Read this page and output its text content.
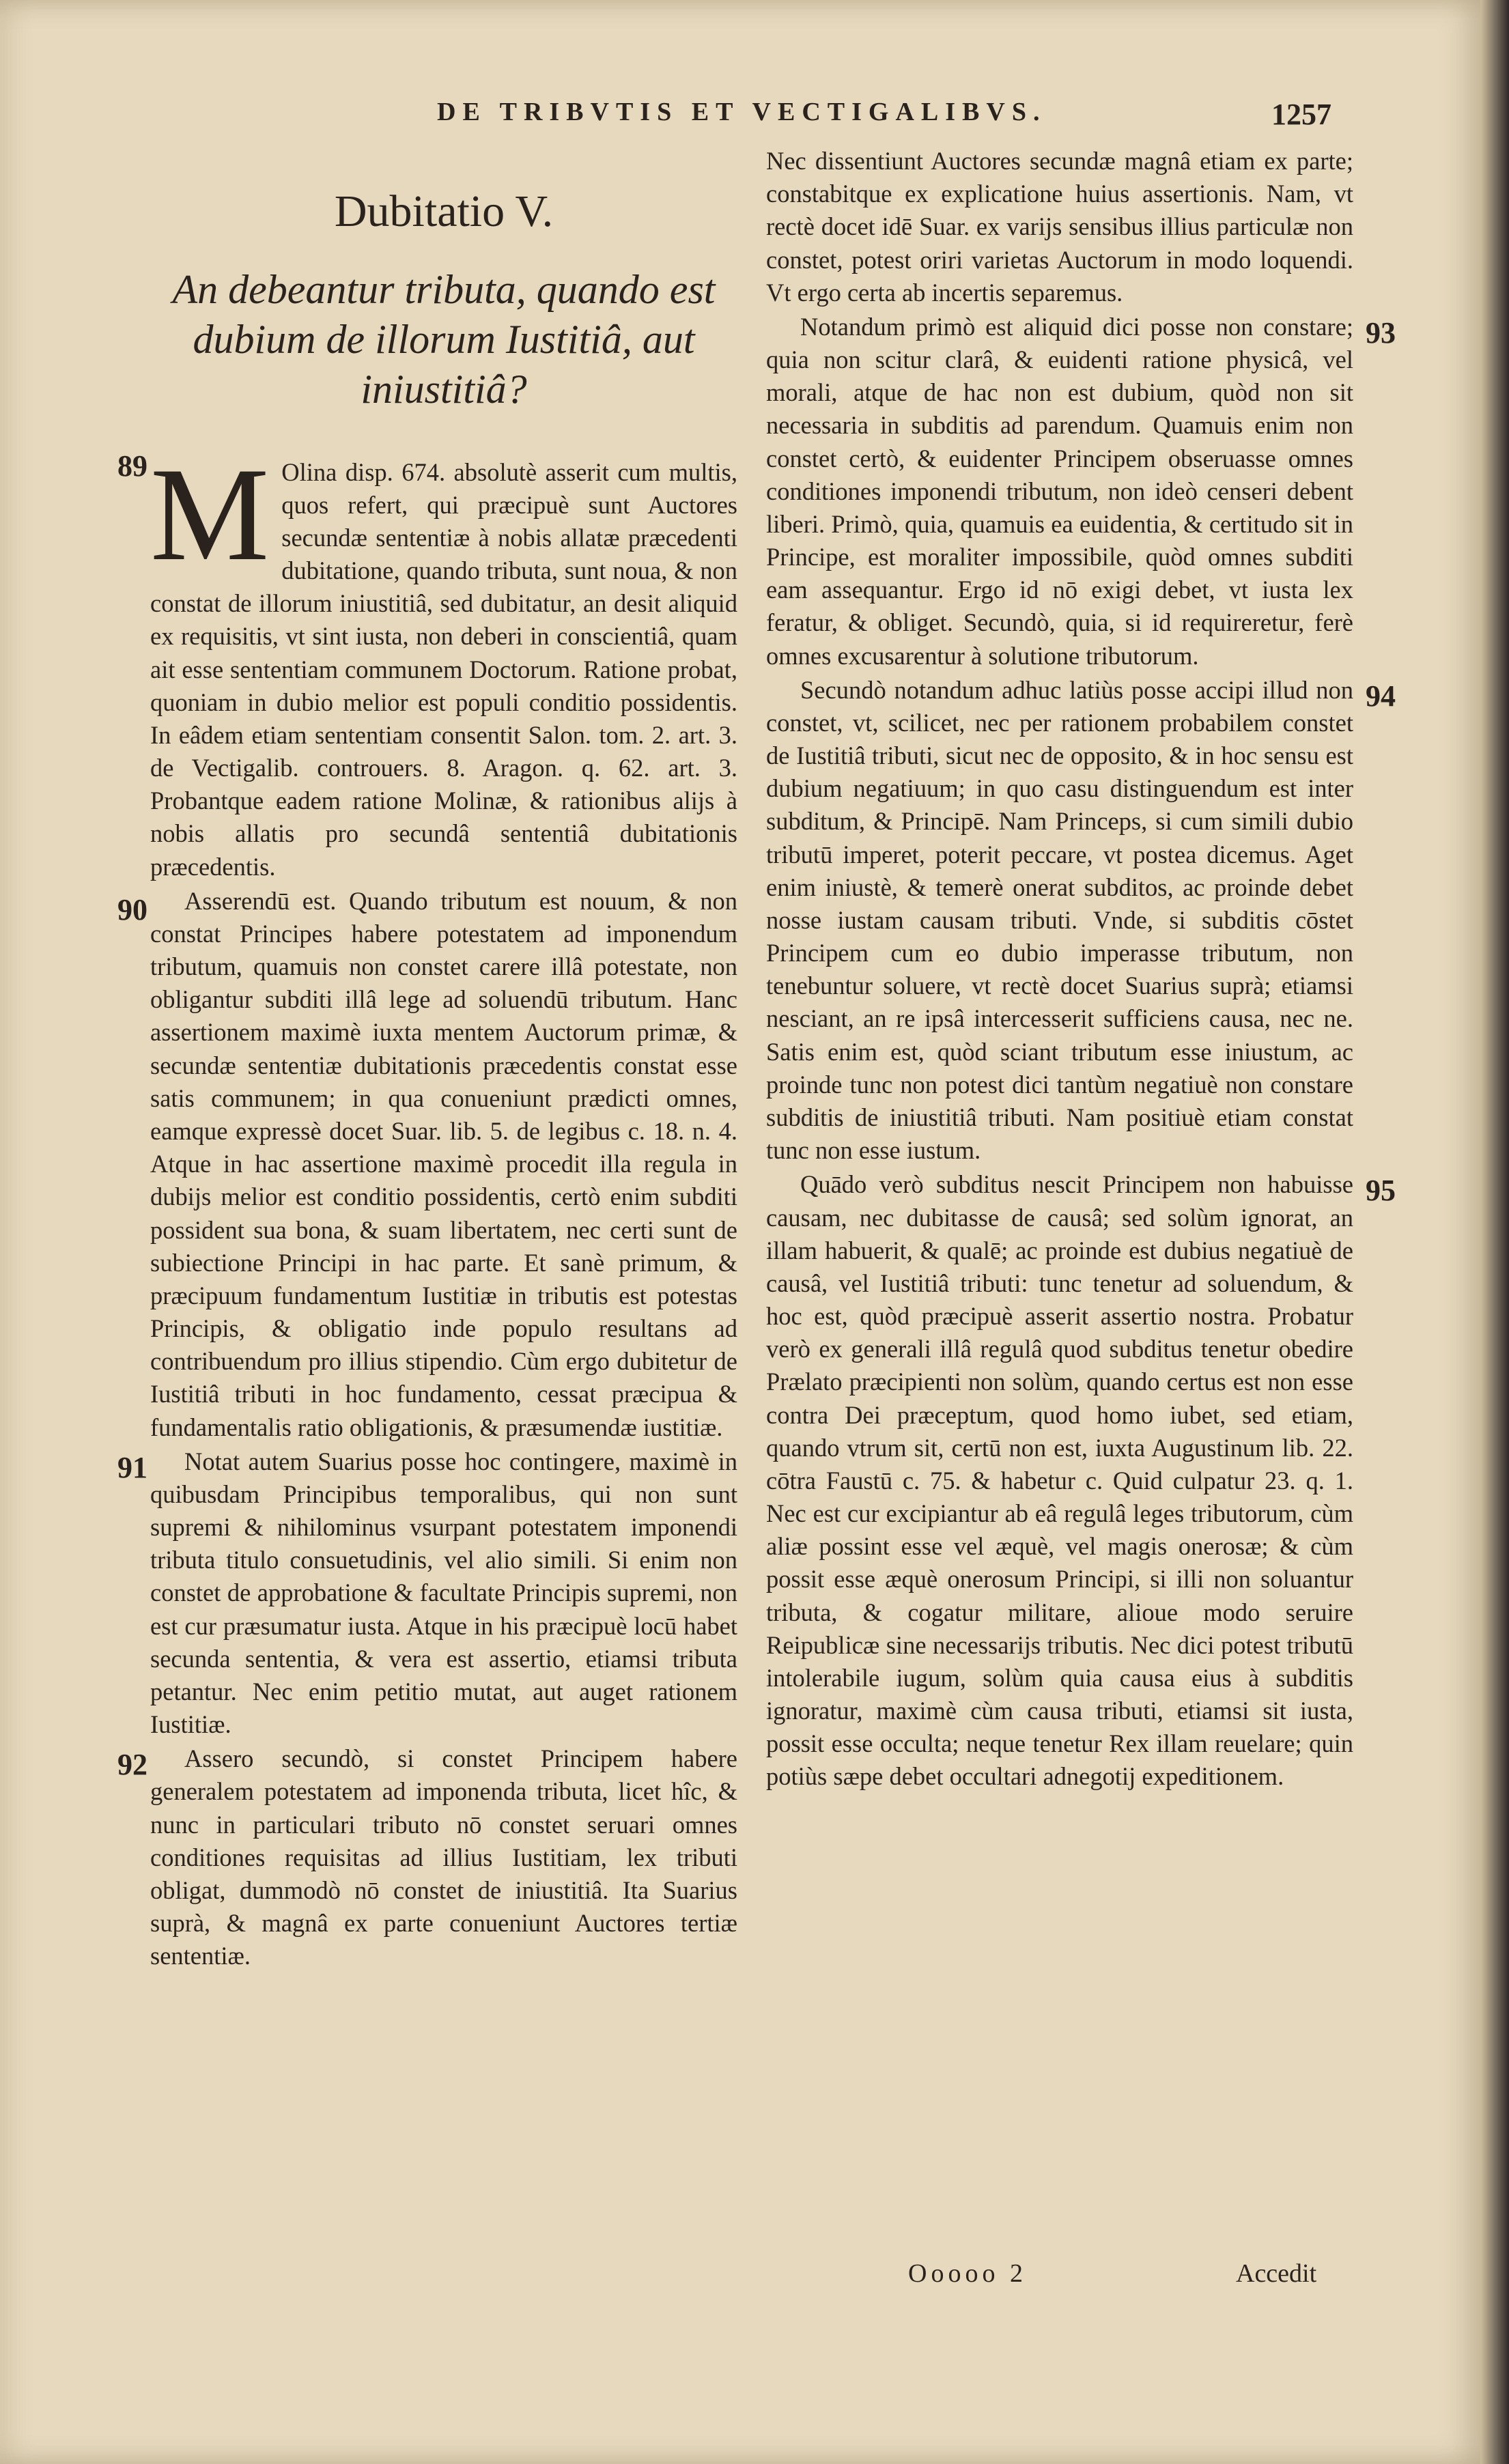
DE TRIBVTIS ET VECTIGALIBVS.	1257
Dubitatio V.
An debeantur tributa, quando est dubium de illorum Iustitiâ, aut iniustitiâ?

89 M Olina disp. 674. absolutè asserit cum multis, quos refert, qui præcipuè sunt Auctores secundæ sententiæ à nobis allatæ præcedenti dubitatione, quando tributa, sunt noua, & non constat de illorum iniustitiâ, sed dubitatur, an desit aliquid ex requisitis, vt sint iusta, non deberi in conscientiâ, quam ait esse sententiam communem Doctorum. Ratione probat, quoniam in dubio melior est populi conditio possidentis. In eâdem etiam sententiam consentit Salon. tom. 2. art. 3. de Vectigalib. controuers. 8. Aragon. q. 62. art. 3. Probantque eadem ratione Molinæ, & rationibus alijs à nobis allatis pro secundâ sententiâ dubitationis præcedentis.

90 Asserendū est. Quando tributum est nouum, & non constat Principes habere potestatem ad imponendum tributum, quamuis non constet carere illâ potestate, non obligantur subditi illâ lege ad soluendū tributum. Hanc assertionem maximè iuxta mentem Auctorum primæ, & secundæ sententiæ dubitationis præcedentis constat esse satis communem; in qua conueniunt prædicti omnes, eamque expressè docet Suar. lib. 5. de legibus c. 18. n. 4. Atque in hac assertione maximè procedit illa regula in dubijs melior est conditio possidentis, certò enim subditi possident sua bona, & suam libertatem, nec certi sunt de subiectione Principi in hac parte. Et sanè primum, & præcipuum fundamentum Iustitiæ in tributis est potestas Principis, & obligatio inde populo resultans ad contribuendum pro illius stipendio. Cùm ergo dubitetur de Iustitiâ tributi in hoc fundamento, cessat præcipua & fundamentalis ratio obligationis, & præsumendæ iustitiæ.

91 Notat autem Suarius posse hoc contingere, maximè in quibusdam Principibus temporalibus, qui non sunt supremi & nihilominus vsurpant potestatem imponendi tributa titulo consuetudinis, vel alio simili. Si enim non constet de approbatione & facultate Principis supremi, non est cur præsumatur iusta. Atque in his præcipuè locū habet secunda sententia, & vera est assertio, etiamsi tributa petantur. Nec enim petitio mutat, aut auget rationem Iustitiæ.

92 Assero secundò, si constet Principem habere generalem potestatem ad imponenda tributa, licet hîc, & nunc in particulari tributo nō constet seruari omnes conditiones requisitas ad illius Iustitiam, lex tributi obligat, dummodò nō constet de iniustitiâ. Ita Suarius suprà, & magnâ ex parte conueniunt Auctores tertiæ sententiæ.

Nec dissentiunt Auctores secundæ magnâ etiam ex parte; constabitque ex explicatione huius assertionis. Nam, vt rectè docet idē Suar. ex varijs sensibus illius particulæ non constet, potest oriri varietas Auctorum in modo loquendi. Vt ergo certa ab incertis separemus.

93
Notandum primò est aliquid dici posse non constare; quia non scitur clarâ, & euidenti ratione physicâ, vel morali, atque de hac non est dubium, quòd non sit necessaria in subditis ad parendum. Quamuis enim non constet certò, & euidenter Principem obseruasse omnes conditiones imponendi tributum, non ideò censeri debent liberi. Primò, quia, quamuis ea euidentia, & certitudo sit in Principe, est moraliter impossibile, quòd omnes subditi eam assequantur. Ergo id nō exigi debet, vt iusta lex feratur, & obliget. Secundò, quia, si id requireretur, ferè omnes excusarentur à solutione tributorum.

94
Secundò notandum adhuc latiùs posse accipi illud non constet, vt, scilicet, nec per rationem probabilem constet de Iustitiâ tributi, sicut nec de opposito, & in hoc sensu est dubium negatiuum; in quo casu distinguendum est inter subditum, & Principē. Nam Princeps, si cum simili dubio tributū imperet, poterit peccare, vt postea dicemus. Aget enim iniustè, & temerè onerat subditos, ac proinde debet nosse iustam causam tributi. Vnde, si subditis cōstet Principem cum eo dubio imperasse tributum, non tenebuntur soluere, vt rectè docet Suarius suprà; etiamsi nesciant, an re ipsâ intercesserit sufficiens causa, nec ne. Satis enim est, quòd sciant tributum esse iniustum, ac proinde tunc non potest dici tantùm negatiuè non constare subditis de iniustitiâ tributi. Nam positiuè etiam constat tunc non esse iustum.

95
Quādo verò subditus nescit Principem non habuisse causam, nec dubitasse de causâ; sed solùm ignorat, an illam habuerit, & qualē; ac proinde est dubius negatiuè de causâ, vel Iustitiâ tributi: tunc tenetur ad soluendum, & hoc est, quòd præcipuè asserit assertio nostra. Probatur verò ex generali illâ regulâ quod subditus tenetur obedire Prælato præcipienti non solùm, quando certus est non esse contra Dei præceptum, quod homo iubet, sed etiam, quando vtrum sit, certū non est, iuxta Augustinum lib. 22. cōtra Faustū c. 75. & habetur c. Quid culpatur 23. q. 1. Nec est cur excipiantur ab eâ regulâ leges tributorum, cùm aliæ possint esse vel æquè, vel magis onerosæ; & cùm possit esse æquè onerosum Principi, si illi non soluantur tributa, & cogatur militare, alioue modo seruire Reipublicæ sine necessarijs tributis. Nec dici potest tributū intolerabile iugum, solùm quia causa eius à subditis ignoratur, maximè cùm causa tributi, etiamsi sit iusta, possit esse occulta; neque tenetur Rex illam reuelare; quin potiùs sæpe debet occultari adnegotij expeditionem.

Ooooo 2	Accedit
